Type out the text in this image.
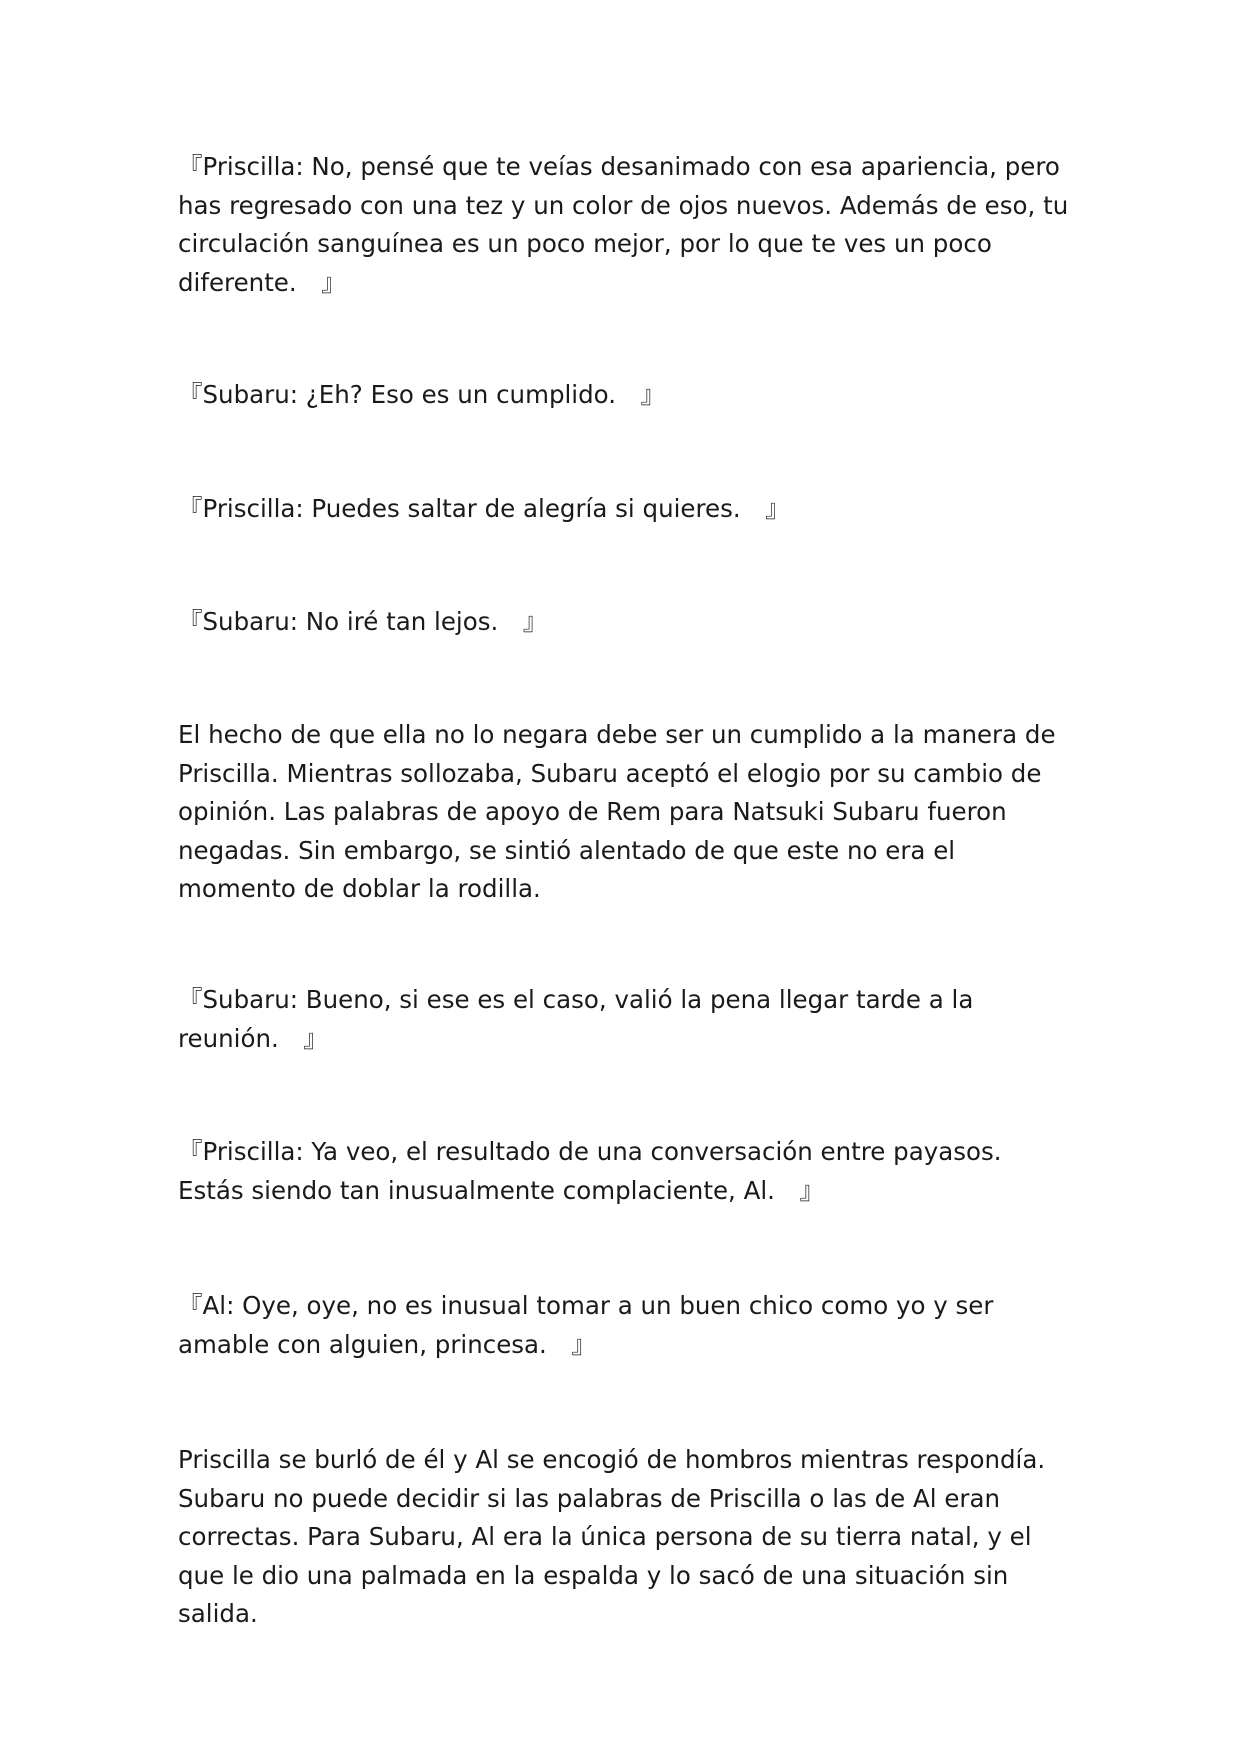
『Priscilla: No, pensé que te veías desanimado con esa apariencia, pero has regresado con una tez y un color de ojos nuevos. Además de eso, tu circulación sanguínea es un poco mejor, por lo que te ves un poco diferente.　』

『Subaru: ¿Eh? Eso es un cumplido.　』

『Priscilla: Puedes saltar de alegría si quieres.　』

『Subaru: No iré tan lejos.　』

El hecho de que ella no lo negara debe ser un cumplido a la manera de Priscilla. Mientras sollozaba, Subaru aceptó el elogio por su cambio de opinión. Las palabras de apoyo de Rem para Natsuki Subaru fueron negadas. Sin embargo, se sintió alentado de que este no era el momento de doblar la rodilla.

『Subaru: Bueno, si ese es el caso, valió la pena llegar tarde a la reunión.　』

『Priscilla: Ya veo, el resultado de una conversación entre payasos. Estás siendo tan inusualmente complaciente, Al.　』

『Al: Oye, oye, no es inusual tomar a un buen chico como yo y ser amable con alguien, princesa.　』

Priscilla se burló de él y Al se encogió de hombros mientras respondía. Subaru no puede decidir si las palabras de Priscilla o las de Al eran correctas. Para Subaru, Al era la única persona de su tierra natal, y el que le dio una palmada en la espalda y lo sacó de una situación sin salida.
